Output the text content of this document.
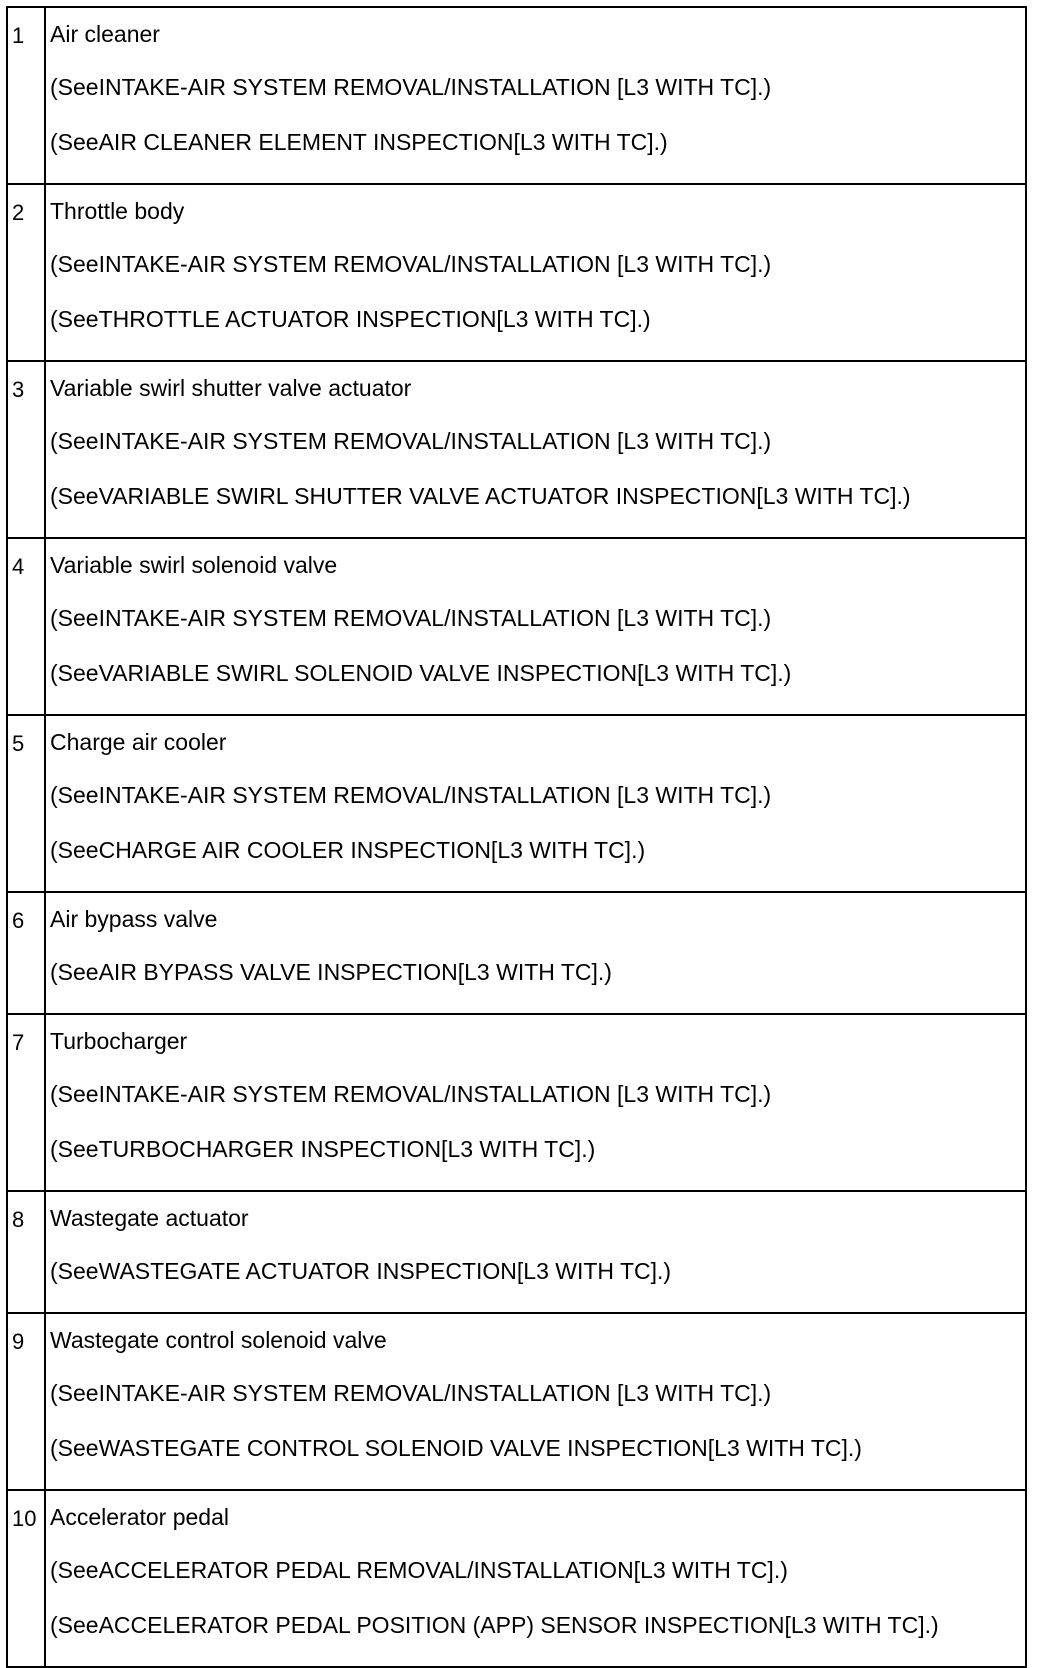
1	Air cleaner
(SeeINTAKE-AIR SYSTEM REMOVAL/INSTALLATION [L3 WITH TC].)
(SeeAIR CLEANER ELEMENT INSPECTION[L3 WITH TC].)

2	Throttle body
(SeeINTAKE-AIR SYSTEM REMOVAL/INSTALLATION [L3 WITH TC].)
(SeeTHROTTLE ACTUATOR INSPECTION[L3 WITH TC].)

3	Variable swirl shutter valve actuator
(SeeINTAKE-AIR SYSTEM REMOVAL/INSTALLATION [L3 WITH TC].)
(SeeVARIABLE SWIRL SHUTTER VALVE ACTUATOR INSPECTION[L3 WITH TC].)

4	Variable swirl solenoid valve
(SeeINTAKE-AIR SYSTEM REMOVAL/INSTALLATION [L3 WITH TC].)
(SeeVARIABLE SWIRL SOLENOID VALVE INSPECTION[L3 WITH TC].)

5	Charge air cooler
(SeeINTAKE-AIR SYSTEM REMOVAL/INSTALLATION [L3 WITH TC].)
(SeeCHARGE AIR COOLER INSPECTION[L3 WITH TC].)

6	Air bypass valve
(SeeAIR BYPASS VALVE INSPECTION[L3 WITH TC].)

7	Turbocharger
(SeeINTAKE-AIR SYSTEM REMOVAL/INSTALLATION [L3 WITH TC].)
(SeeTURBOCHARGER INSPECTION[L3 WITH TC].)

8	Wastegate actuator
(SeeWASTEGATE ACTUATOR INSPECTION[L3 WITH TC].)

9	Wastegate control solenoid valve
(SeeINTAKE-AIR SYSTEM REMOVAL/INSTALLATION [L3 WITH TC].)
(SeeWASTEGATE CONTROL SOLENOID VALVE INSPECTION[L3 WITH TC].)

10	Accelerator pedal
(SeeACCELERATOR PEDAL REMOVAL/INSTALLATION[L3 WITH TC].)
(SeeACCELERATOR PEDAL POSITION (APP) SENSOR INSPECTION[L3 WITH TC].)
